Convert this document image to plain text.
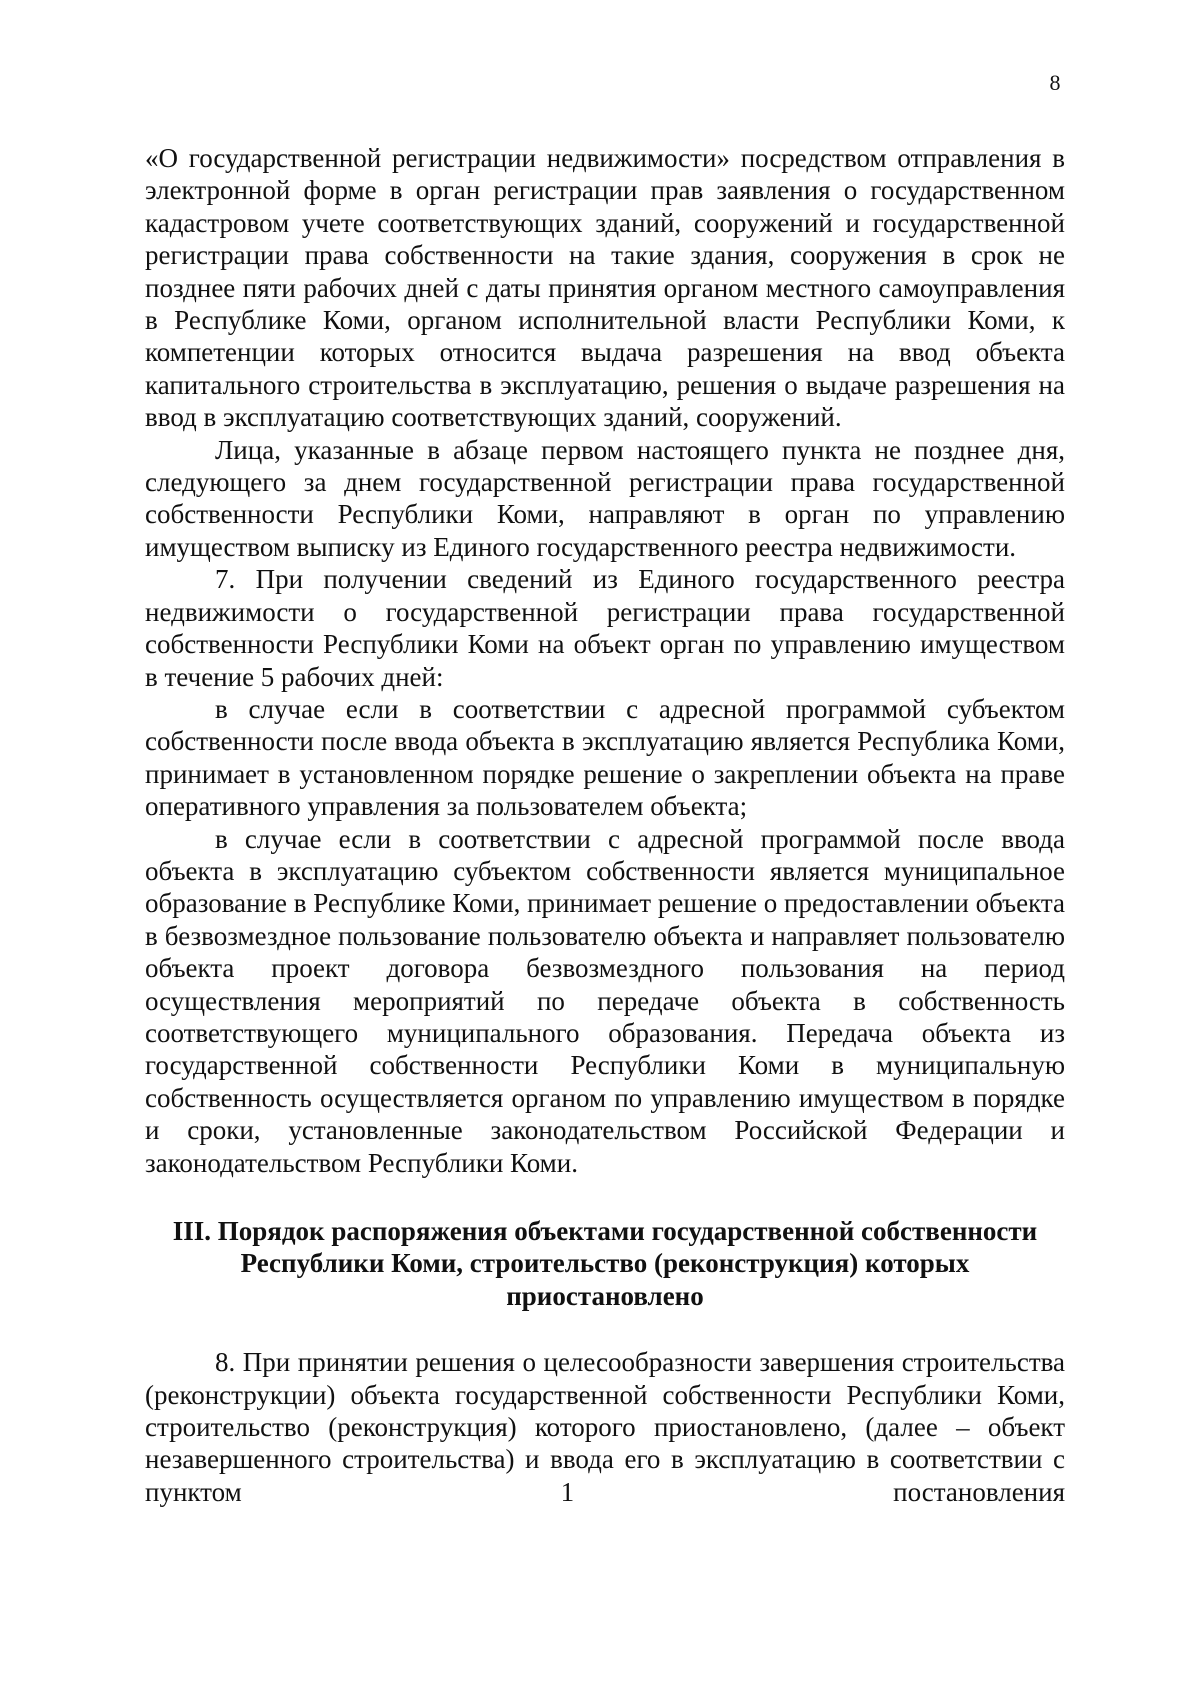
8

«О государственной регистрации недвижимости» посредством отправления в электронной форме в орган регистрации прав заявления о государственном кадастровом учете соответствующих зданий, сооружений и государственной регистрации права собственности на такие здания, сооружения в срок не позднее пяти рабочих дней с даты принятия органом местного самоуправления в Республике Коми, органом исполнительной власти Республики Коми, к компетенции которых относится выдача разрешения на ввод объекта капитального строительства в эксплуатацию, решения о выдаче разрешения на ввод в эксплуатацию соответствующих зданий, сооружений.

Лица, указанные в абзаце первом настоящего пункта не позднее дня, следующего за днем государственной регистрации права государственной собственности Республики Коми, направляют в орган по управлению имуществом выписку из Единого государственного реестра недвижимости.

7. При получении сведений из Единого государственного реестра недвижимости о государственной регистрации права государственной собственности Республики Коми на объект орган по управлению имуществом в течение 5 рабочих дней:

в случае если в соответствии с адресной программой субъектом собственности после ввода объекта в эксплуатацию является Республика Коми, принимает в установленном порядке решение о закреплении объекта на праве оперативного управления за пользователем объекта;

в случае если в соответствии с адресной программой после ввода объекта в эксплуатацию субъектом собственности является муниципальное образование в Республике Коми, принимает решение о предоставлении объекта в безвозмездное пользование пользователю объекта и направляет пользователю объекта проект договора безвозмездного пользования на период осуществления мероприятий по передаче объекта в собственность соответствующего муниципального образования. Передача объекта из государственной собственности Республики Коми в муниципальную собственность осуществляется органом по управлению имуществом в порядке и сроки, установленные законодательством Российской Федерации и законодательством Республики Коми.

III. Порядок распоряжения объектами государственной собственности
Республики Коми, строительство (реконструкция) которых
приостановлено

8. При принятии решения о целесообразности завершения строительства (реконструкции) объекта государственной собственности Республики Коми, строительство (реконструкция) которого приостановлено, (далее – объект незавершенного строительства) и ввода его в эксплуатацию в соответствии с пунктом 1 постановления
